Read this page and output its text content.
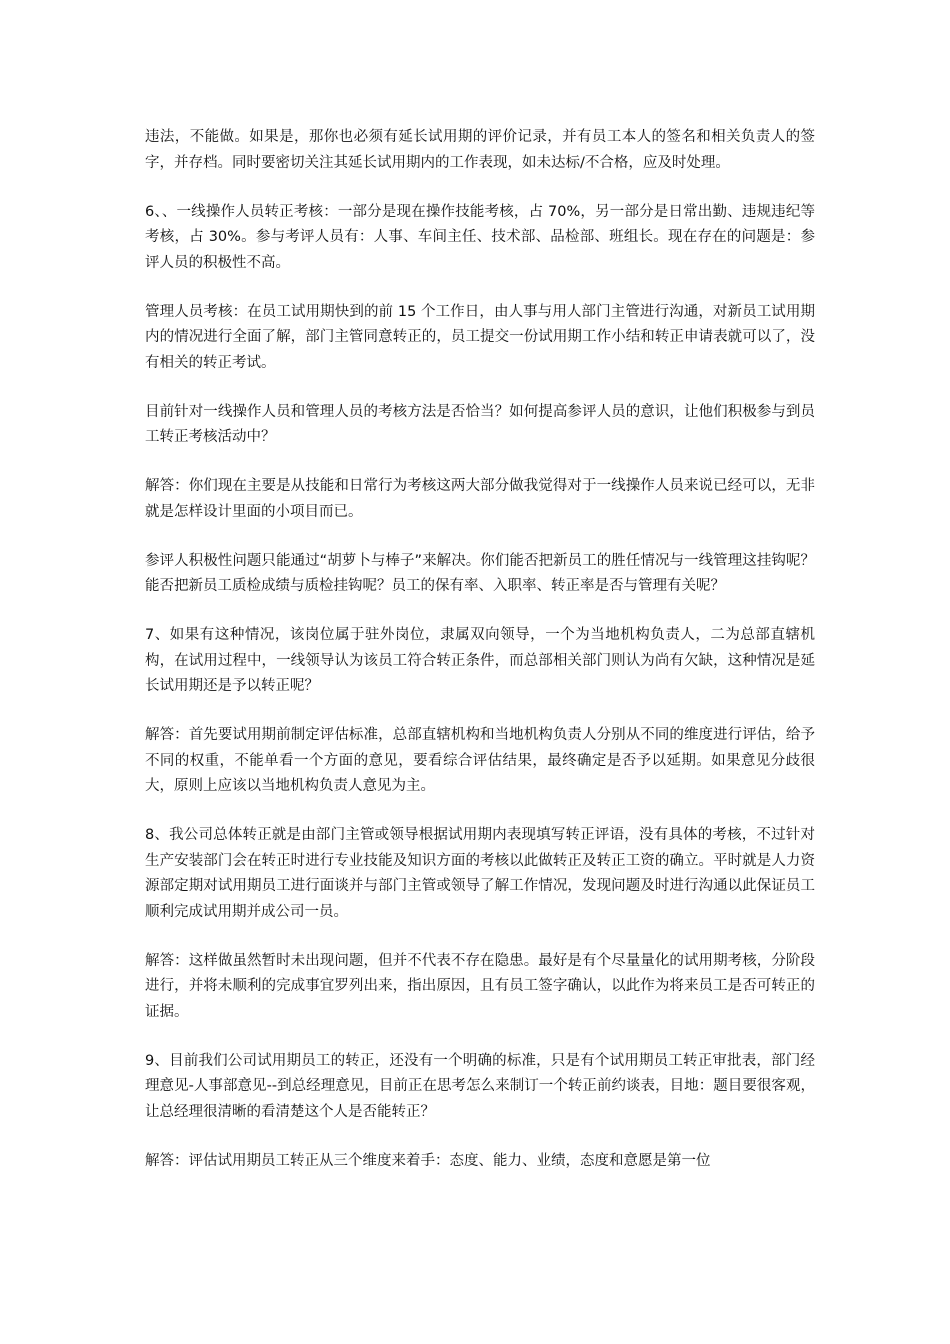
违法，不能做。如果是，那你也必须有延长试用期的评价记录，并有员工本人的签名和相关负责人的签字，并存档。同时要密切关注其延长试用期内的工作表现，如未达标/不合格，应及时处理。

6、、一线操作人员转正考核：一部分是现在操作技能考核，占 70%，另一部分是日常出勤、违规违纪等考核，占 30%。参与考评人员有：人事、车间主任、技术部、品检部、班组长。现在存在的问题是：参评人员的积极性不高。

管理人员考核：在员工试用期快到的前 15 个工作日，由人事与用人部门主管进行沟通，对新员工试用期内的情况进行全面了解，部门主管同意转正的，员工提交一份试用期工作小结和转正申请表就可以了，没有相关的转正考试。

目前针对一线操作人员和管理人员的考核方法是否恰当？如何提高参评人员的意识，让他们积极参与到员工转正考核活动中？

解答：你们现在主要是从技能和日常行为考核这两大部分做我觉得对于一线操作人员来说已经可以，无非就是怎样设计里面的小项目而已。

参评人积极性问题只能通过“胡萝卜与棒子”来解决。你们能否把新员工的胜任情况与一线管理这挂钩呢？能否把新员工质检成绩与质检挂钩呢？员工的保有率、入职率、转正率是否与管理有关呢？

7、如果有这种情况，该岗位属于驻外岗位，隶属双向领导，一个为当地机构负责人，二为总部直辖机构，在试用过程中，一线领导认为该员工符合转正条件，而总部相关部门则认为尚有欠缺，这种情况是延长试用期还是予以转正呢？

解答：首先要试用期前制定评估标准，总部直辖机构和当地机构负责人分别从不同的维度进行评估，给予不同的权重，不能单看一个方面的意见，要看综合评估结果，最终确定是否予以延期。如果意见分歧很大，原则上应该以当地机构负责人意见为主。

8、我公司总体转正就是由部门主管或领导根据试用期内表现填写转正评语，没有具体的考核，不过针对生产安装部门会在转正时进行专业技能及知识方面的考核以此做转正及转正工资的确立。平时就是人力资源部定期对试用期员工进行面谈并与部门主管或领导了解工作情况，发现问题及时进行沟通以此保证员工顺利完成试用期并成公司一员。

解答：这样做虽然暂时未出现问题，但并不代表不存在隐患。最好是有个尽量量化的试用期考核，分阶段进行，并将未顺利的完成事宜罗列出来，指出原因，且有员工签字确认，以此作为将来员工是否可转正的证据。

9、目前我们公司试用期员工的转正，还没有一个明确的标准，只是有个试用期员工转正审批表，部门经理意见-人事部意见--到总经理意见，目前正在思考怎么来制订一个转正前约谈表，目地：题目要很客观，让总经理很清晰的看清楚这个人是否能转正？

解答：评估试用期员工转正从三个维度来着手：态度、能力、业绩，态度和意愿是第一位
